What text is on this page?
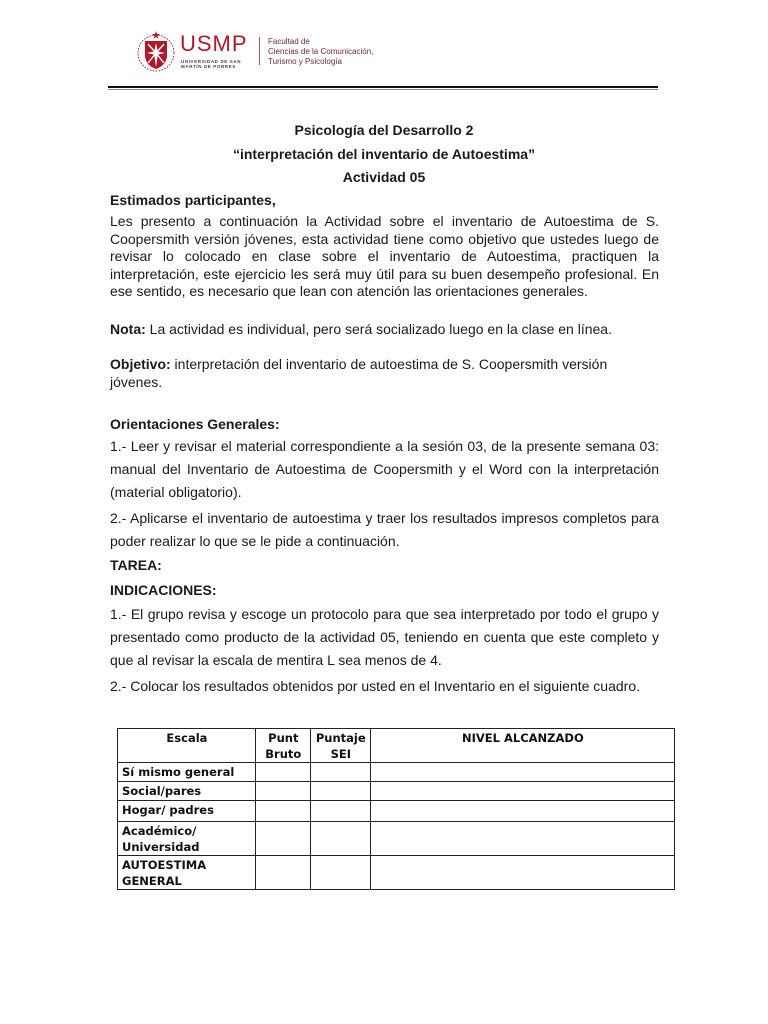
USMP
UNIVERSIDAD DE SAN MARTÍN DE PORRES
Facultad de
Ciencias de la Comunicación,
Turismo y Psicología
Psicología del Desarrollo 2
“interpretación del inventario de Autoestima”
Actividad 05
Estimados participantes,
Les presento a continuación la Actividad sobre el inventario de Autoestima de S. Coopersmith versión jóvenes, esta actividad tiene como objetivo que ustedes luego de revisar lo colocado en clase sobre el inventario de Autoestima, practiquen la interpretación, este ejercicio les será muy útil para su buen desempeño profesional. En ese sentido, es necesario que lean con atención las orientaciones generales.
Nota: La actividad es individual, pero será socializado luego en la clase en línea.
Objetivo: interpretación del inventario de autoestima de S. Coopersmith versión jóvenes.
Orientaciones Generales:
1.- Leer y revisar el material correspondiente a la sesión 03, de la presente semana 03: manual del Inventario de Autoestima de Coopersmith y el Word con la interpretación (material obligatorio).
2.- Aplicarse el inventario de autoestima y traer los resultados impresos completos para poder realizar lo que se le pide a continuación.
TAREA:
INDICACIONES:
1.- El grupo revisa y escoge un protocolo para que sea interpretado por todo el grupo y presentado como producto de la actividad 05, teniendo en cuenta que este completo y que al revisar la escala de mentira L sea menos de 4.
2.- Colocar los resultados obtenidos por usted en el Inventario en el siguiente cuadro.
Escala	Punt Bruto	Puntaje SEI	NIVEL ALCANZADO
Sí mismo general			
Social/pares			
Hogar/ padres			
Académico/ Universidad			
AUTOESTIMA GENERAL			
